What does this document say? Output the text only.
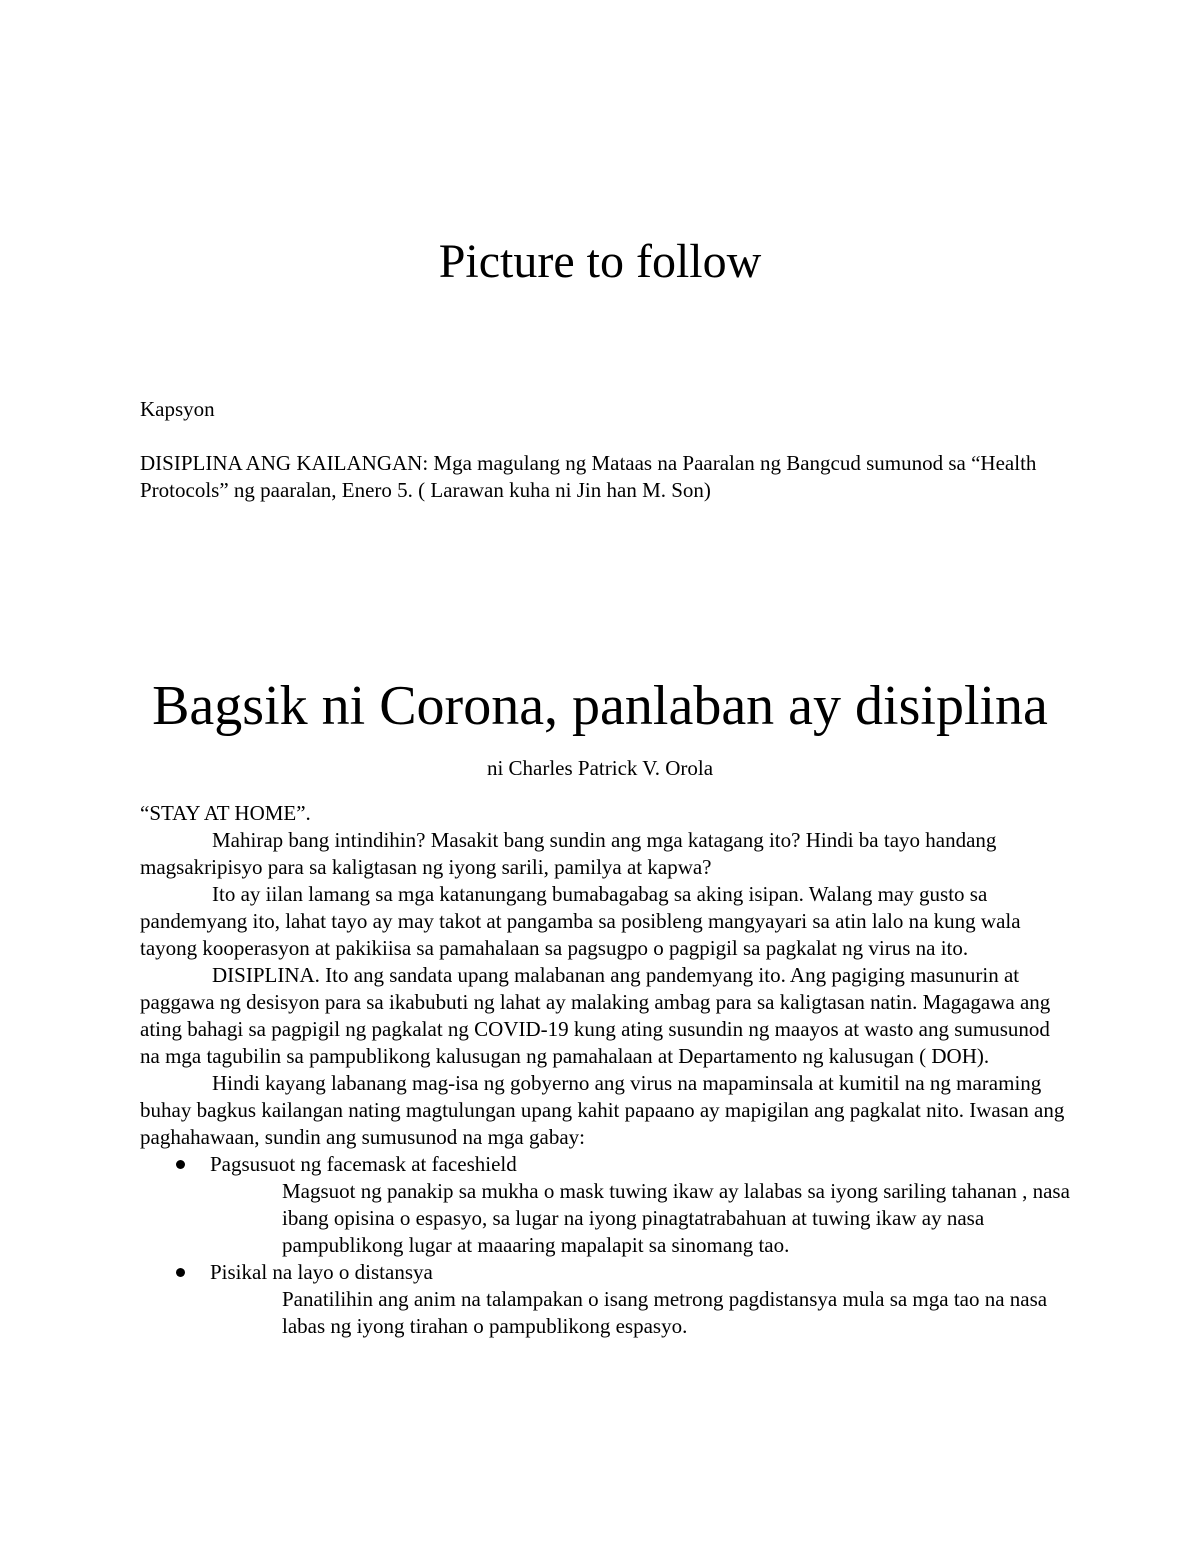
Picture to follow
Kapsyon
DISIPLINA ANG KAILANGAN: Mga magulang ng Mataas na Paaralan ng Bangcud sumunod sa “Health Protocols” ng paaralan, Enero 5. ( Larawan kuha ni Jin han M. Son)
Bagsik ni Corona, panlaban ay disiplina
ni Charles Patrick V. Orola

“STAY AT HOME”.

Mahirap bang intindihin? Masakit bang sundin ang mga katagang ito? Hindi ba tayo handang magsakripisyo para sa kaligtasan ng iyong sarili, pamilya at kapwa?

Ito ay iilan lamang sa mga katanungang bumabagabag sa aking isipan. Walang may gusto sa pandemyang ito, lahat tayo ay may takot at pangamba sa posibleng mangyayari sa atin lalo na kung wala tayong kooperasyon at pakikiisa sa pamahalaan sa pagsugpo o pagpigil sa pagkalat ng virus na ito.

DISIPLINA. Ito ang sandata upang malabanan ang pandemyang ito. Ang pagiging masunurin at paggawa ng desisyon para sa ikabubuti ng lahat ay malaking ambag para sa kaligtasan natin. Magagawa ang ating bahagi sa pagpigil ng pagkalat ng COVID-19 kung ating susundin ng maayos at wasto ang sumusunod na mga tagubilin sa pampublikong kalusugan ng pamahalaan at Departamento ng kalusugan ( DOH).

Hindi kayang labanang mag-isa ng gobyerno ang virus na mapaminsala at kumitil na ng maraming buhay bagkus kailangan nating magtulungan upang kahit papaano ay mapigilan ang pagkalat nito. Iwasan ang paghahawaan, sundin ang sumusunod na mga gabay:

Pagsusuot ng facemask at faceshield
Magsuot ng panakip sa mukha o mask tuwing ikaw ay lalabas sa iyong sariling tahanan , nasa ibang opisina o espasyo, sa lugar na iyong pinagtatrabahuan at tuwing ikaw ay nasa pampublikong lugar at maaaring mapalapit sa sinomang tao.
Pisikal na layo o distansya
Panatilihin ang anim na talampakan o isang metrong pagdistansya mula sa mga tao na nasa labas ng iyong tirahan o pampublikong espasyo.
